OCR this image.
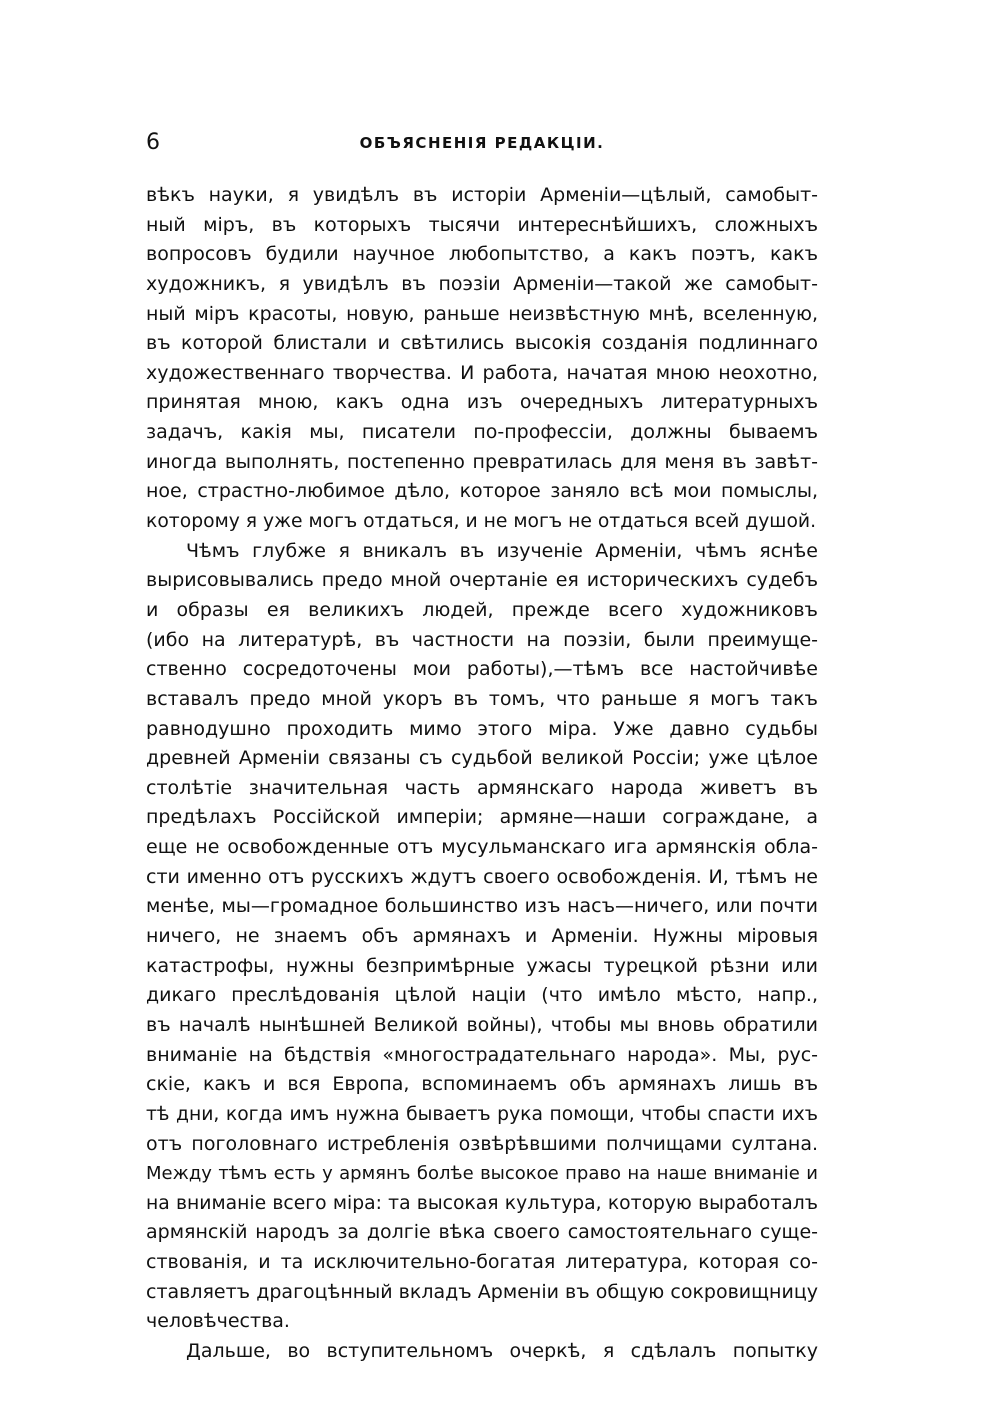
6	ОБЪЯСНЕНІЯ РЕДАКЦІИ.
вѣкъ науки, я увидѣлъ въ исторіи Арменіи—цѣлый, самобыт-
ный міръ, въ которыхъ тысячи интереснѣйшихъ, сложныхъ
вопросовъ будили научное любопытство, а какъ поэтъ, какъ
художникъ, я увидѣлъ въ поэзіи Арменіи—такой же самобыт-
ный міръ красоты, новую, раньше неизвѣстную мнѣ, вселенную,
въ которой блистали и свѣтились высокія созданія подлиннаго
художественнаго творчества. И работа, начатая мною неохотно,
принятая мною, какъ одна изъ очередныхъ литературныхъ
задачъ, какія мы, писатели по-профессіи, должны бываемъ
иногда выполнять, постепенно превратилась для меня въ завѣт-
ное, страстно-любимое дѣло, которое заняло всѣ мои помыслы,
которому я уже могъ отдаться, и не могъ не отдаться всей душой.
Чѣмъ глубже я вникалъ въ изученіе Арменіи, чѣмъ яснѣе
вырисовывались предо мной очертаніе ея историческихъ судебъ
и образы ея великихъ людей, прежде всего художниковъ
(ибо на литературѣ, въ частности на поэзіи, были преимуще-
ственно сосредоточены мои работы),—тѣмъ все настойчивѣе
вставалъ предо мной укоръ въ томъ, что раньше я могъ такъ
равнодушно проходить мимо этого міра. Уже давно судьбы
древней Арменіи связаны съ судьбой великой Россіи; уже цѣлое
столѣтіе значительная часть армянскаго народа живетъ въ
предѣлахъ Россійской имперіи; армяне—наши согражданe, а
еще не освобожденные отъ мусульманскаго ига армянскія обла-
сти именно отъ русскихъ ждутъ своего освобожденія. И, тѣмъ не
менѣе, мы—громадное большинство изъ насъ—ничего, или почти
ничего, не знаемъ объ армянахъ и Арменіи. Нужны міровыя
катастрофы, нужны безпримѣрные ужасы турецкой рѣзни или
дикаго преслѣдованія цѣлой націи (что имѣло мѣсто, напр.,
въ началѣ нынѣшней Великой войны), чтобы мы вновь обратили
вниманіе на бѣдствія «многострадательнаго народа». Мы, рус-
скіе, какъ и вся Европа, вспоминаемъ объ армянахъ лишь въ
тѣ дни, когда имъ нужна бываетъ рука помощи, чтобы спасти ихъ
отъ поголовнаго истребленія озвѣрѣвшими полчищами султана.
Между тѣмъ есть у армянъ болѣе высокое право на наше вниманіе и
на вниманіе всего міра: та высокая культура, которую выработалъ
армянскій народъ за долгіе вѣка своего самостоятельнаго суще-
ствованія, и та исключительно-богатая литература, которая со-
ставляетъ драгоцѣнный вкладъ Арменіи въ общую сокровищницу
человѣчества.
Дальше, во вступительномъ очеркѣ, я сдѣлалъ попытку
